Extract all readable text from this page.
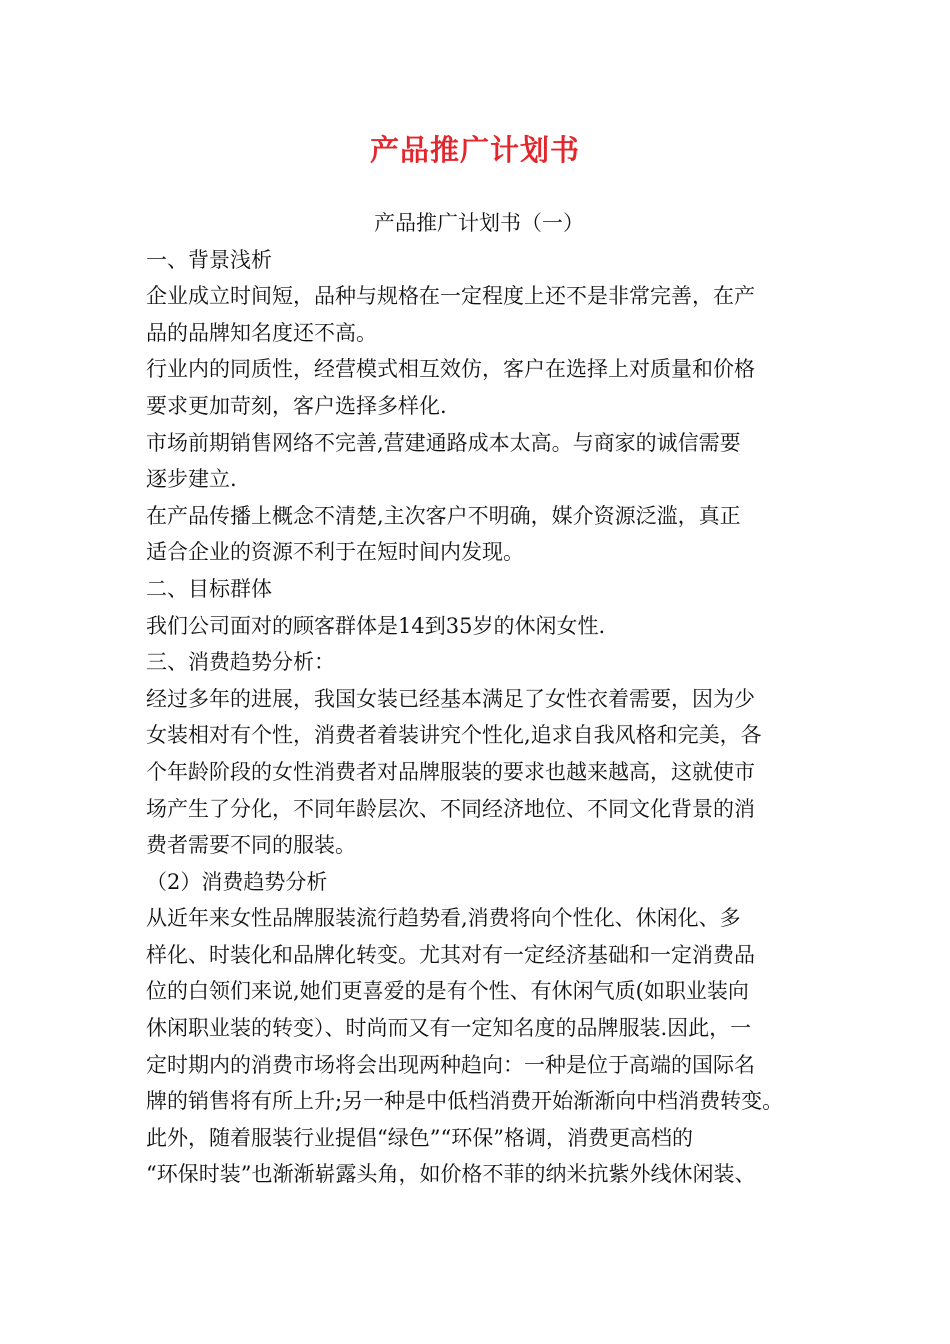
产品推广计划书

产品推广计划书（一）

一、背景浅析

企业成立时间短，品种与规格在一定程度上还不是非常完善，在产

品的品牌知名度还不高。

行业内的同质性，经营模式相互效仿，客户在选择上对质量和价格

要求更加苛刻，客户选择多样化.

市场前期销售网络不完善,营建通路成本太高。与商家的诚信需要

逐步建立.

在产品传播上概念不清楚,主次客户不明确，媒介资源泛滥，真正

适合企业的资源不利于在短时间内发现。

二、目标群体

我们公司面对的顾客群体是14到35岁的休闲女性.

三、消费趋势分析：

经过多年的进展，我国女装已经基本满足了女性衣着需要，因为少

女装相对有个性，消费者着装讲究个性化,追求自我风格和完美，各

个年龄阶段的女性消费者对品牌服装的要求也越来越高，这就使市

场产生了分化，不同年龄层次、不同经济地位、不同文化背景的消

费者需要不同的服装。

（2）消费趋势分析

从近年来女性品牌服装流行趋势看,消费将向个性化、休闲化、多

样化、时装化和品牌化转变。尤其对有一定经济基础和一定消费品

位的白领们来说,她们更喜爱的是有个性、有休闲气质(如职业装向

休闲职业装的转变）、时尚而又有一定知名度的品牌服装.因此，一

定时期内的消费市场将会出现两种趋向：一种是位于高端的国际名

牌的销售将有所上升;另一种是中低档消费开始渐渐向中档消费转变。

此外，随着服装行业提倡“绿色”“环保”格调，消费更高档的

“环保时装”也渐渐崭露头角，如价格不菲的纳米抗紫外线休闲装、
